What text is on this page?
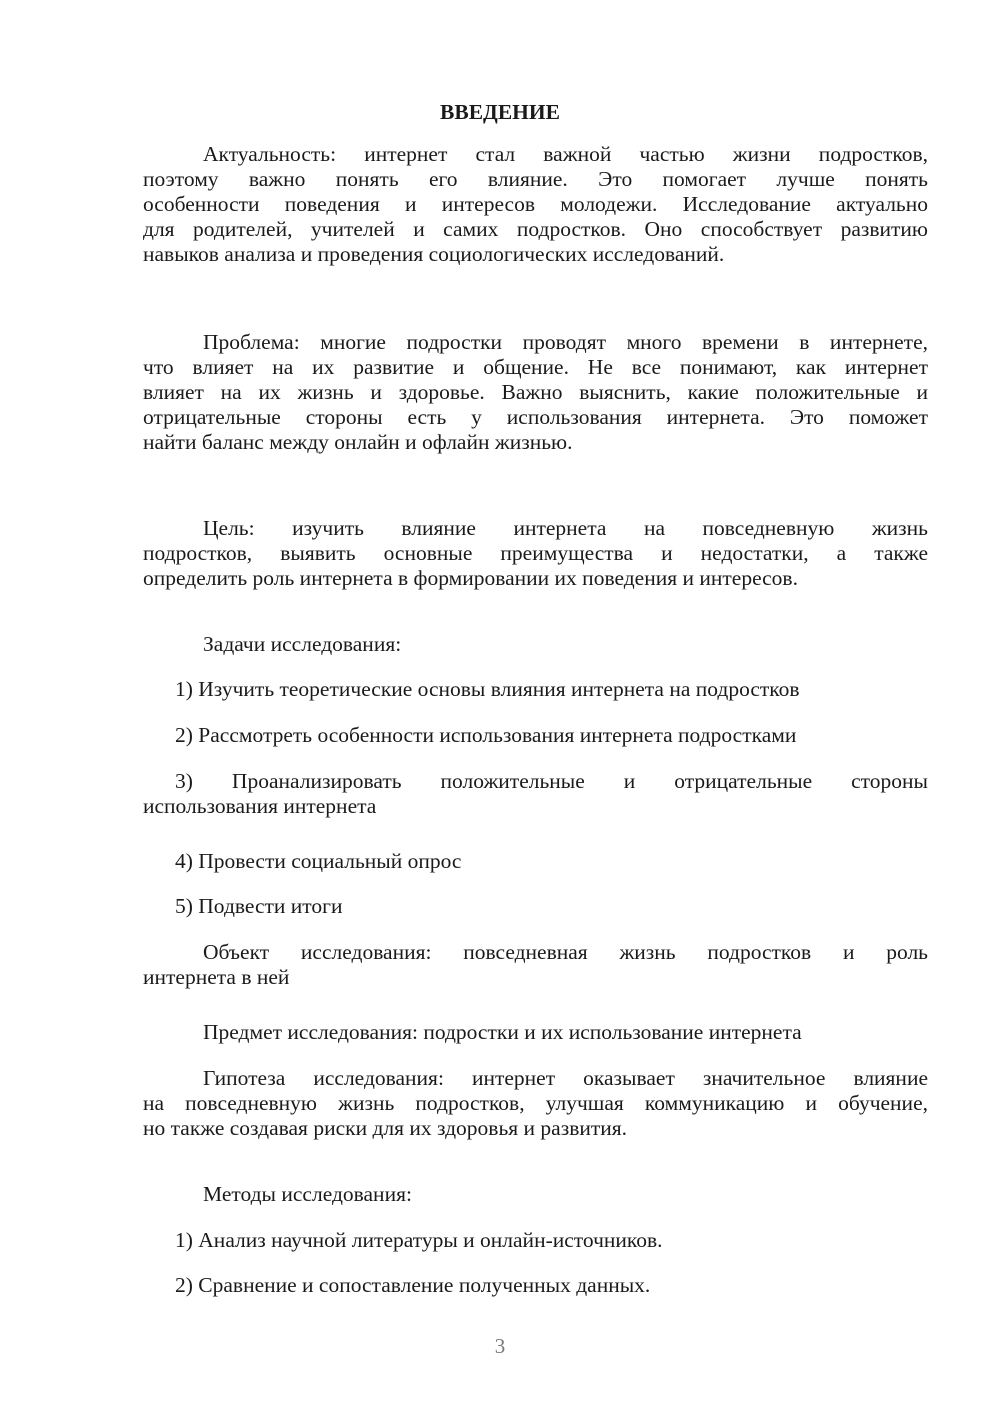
ВВЕДЕНИЕ
Актуальность: интернет стал важной частью жизни подростков,
поэтому важно понять его влияние. Это помогает лучше понять
особенности поведения и интересов молодежи. Исследование актуально
для родителей, учителей и самих подростков. Оно способствует развитию
навыков анализа и проведения социологических исследований.
Проблема: многие подростки проводят много времени в интернете,
что влияет на их развитие и общение. Не все понимают, как интернет
влияет на их жизнь и здоровье. Важно выяснить, какие положительные и
отрицательные стороны есть у использования интернета. Это поможет
найти баланс между онлайн и офлайн жизнью.
Цель: изучить влияние интернета на повседневную жизнь
подростков, выявить основные преимущества и недостатки, а также
определить роль интернета в формировании их поведения и интересов.
Задачи исследования:
1) Изучить теоретические основы влияния интернета на подростков
2) Рассмотреть особенности использования интернета подростками
3) Проанализировать положительные и отрицательные стороны
использования интернета
4) Провести социальный опрос
5) Подвести итоги
Объект исследования: повседневная жизнь подростков и роль
интернета в ней
Предмет исследования: подростки и их использование интернета
Гипотеза исследования: интернет оказывает значительное влияние
на повседневную жизнь подростков, улучшая коммуникацию и обучение,
но также создавая риски для их здоровья и развития.
Методы исследования:
1) Анализ научной литературы и онлайн-источников.
2) Сравнение и сопоставление полученных данных.
3
